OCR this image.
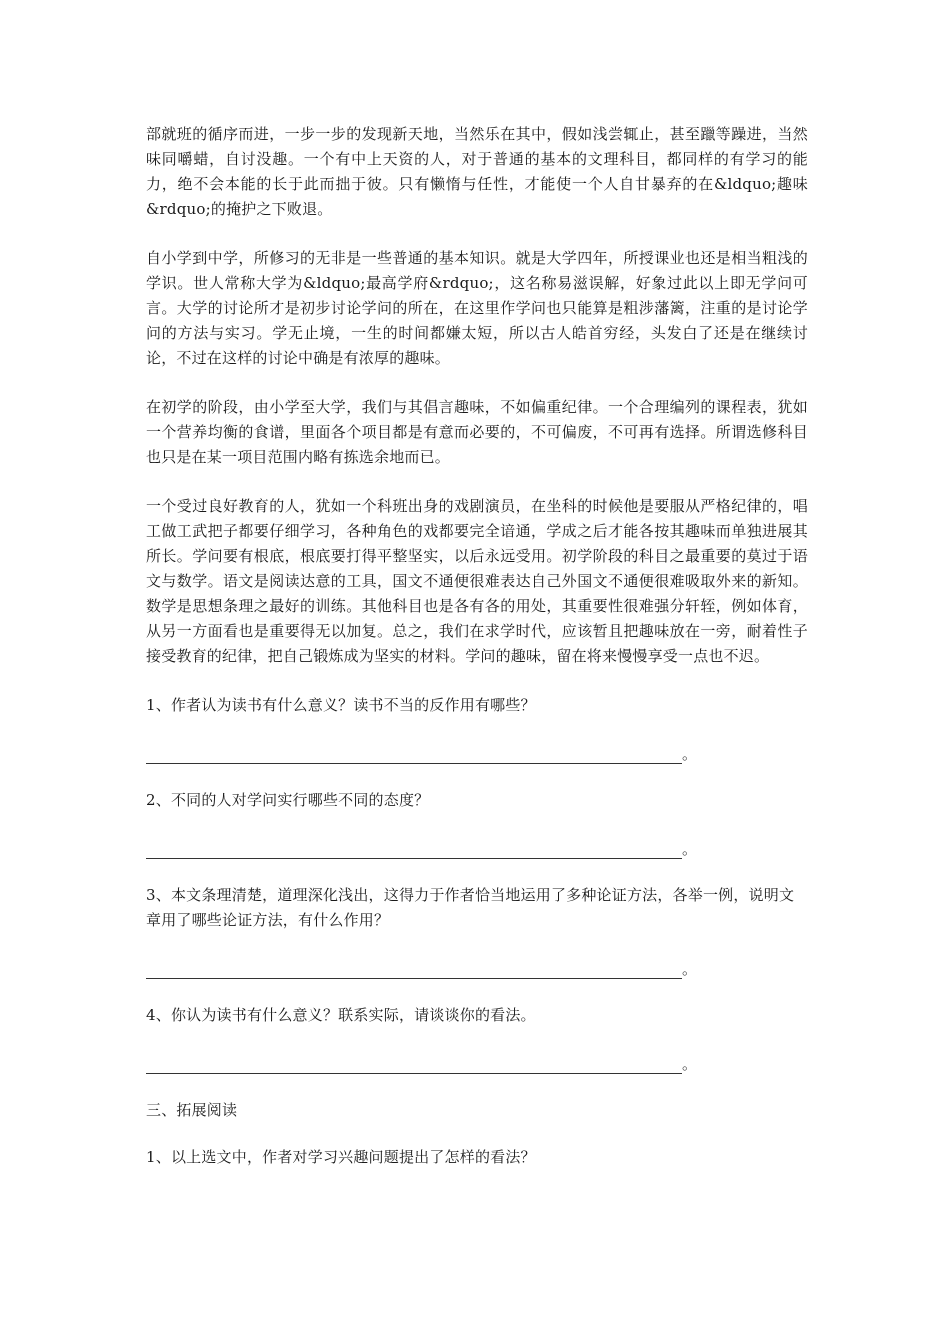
部就班的循序而进，一步一步的发现新天地，当然乐在其中，假如浅尝辄止，甚至躐等躁进，当然味同嚼蜡，自讨没趣。一个有中上天资的人，对于普通的基本的文理科目，都同样的有学习的能力，绝不会本能的长于此而拙于彼。只有懒惰与任性，才能使一个人自甘暴弃的在&ldquo;趣味&rdquo;的掩护之下败退。

自小学到中学，所修习的无非是一些普通的基本知识。就是大学四年，所授课业也还是相当粗浅的学识。世人常称大学为&ldquo;最高学府&rdquo;，这名称易滋误解，好象过此以上即无学问可言。大学的讨论所才是初步讨论学问的所在，在这里作学问也只能算是粗涉藩篱，注重的是讨论学问的方法与实习。学无止境，一生的时间都嫌太短，所以古人皓首穷经，头发白了还是在继续讨论，不过在这样的讨论中确是有浓厚的趣味。

在初学的阶段，由小学至大学，我们与其倡言趣味，不如偏重纪律。一个合理编列的课程表，犹如一个营养均衡的食谱，里面各个项目都是有意而必要的，不可偏废，不可再有选择。所谓选修科目也只是在某一项目范围内略有拣选余地而已。

一个受过良好教育的人，犹如一个科班出身的戏剧演员，在坐科的时候他是要服从严格纪律的，唱工做工武把子都要仔细学习，各种角色的戏都要完全谙通，学成之后才能各按其趣味而单独进展其所长。学问要有根底，根底要打得平整坚实，以后永远受用。初学阶段的科目之最重要的莫过于语文与数学。语文是阅读达意的工具，国文不通便很难表达自己外国文不通便很难吸取外来的新知。数学是思想条理之最好的训练。其他科目也是各有各的用处，其重要性很难强分轩轾，例如体育，从另一方面看也是重要得无以加复。总之，我们在求学时代，应该暂且把趣味放在一旁，耐着性子接受教育的纪律，把自己锻炼成为坚实的材料。学问的趣味，留在将来慢慢享受一点也不迟。

1、作者认为读书有什么意义？读书不当的反作用有哪些？

。

2、不同的人对学问实行哪些不同的态度？

。

3、本文条理清楚，道理深化浅出，这得力于作者恰当地运用了多种论证方法，各举一例，说明文章用了哪些论证方法，有什么作用？

。

4、你认为读书有什么意义？联系实际，请谈谈你的看法。

。

三、拓展阅读

1、以上选文中，作者对学习兴趣问题提出了怎样的看法？
